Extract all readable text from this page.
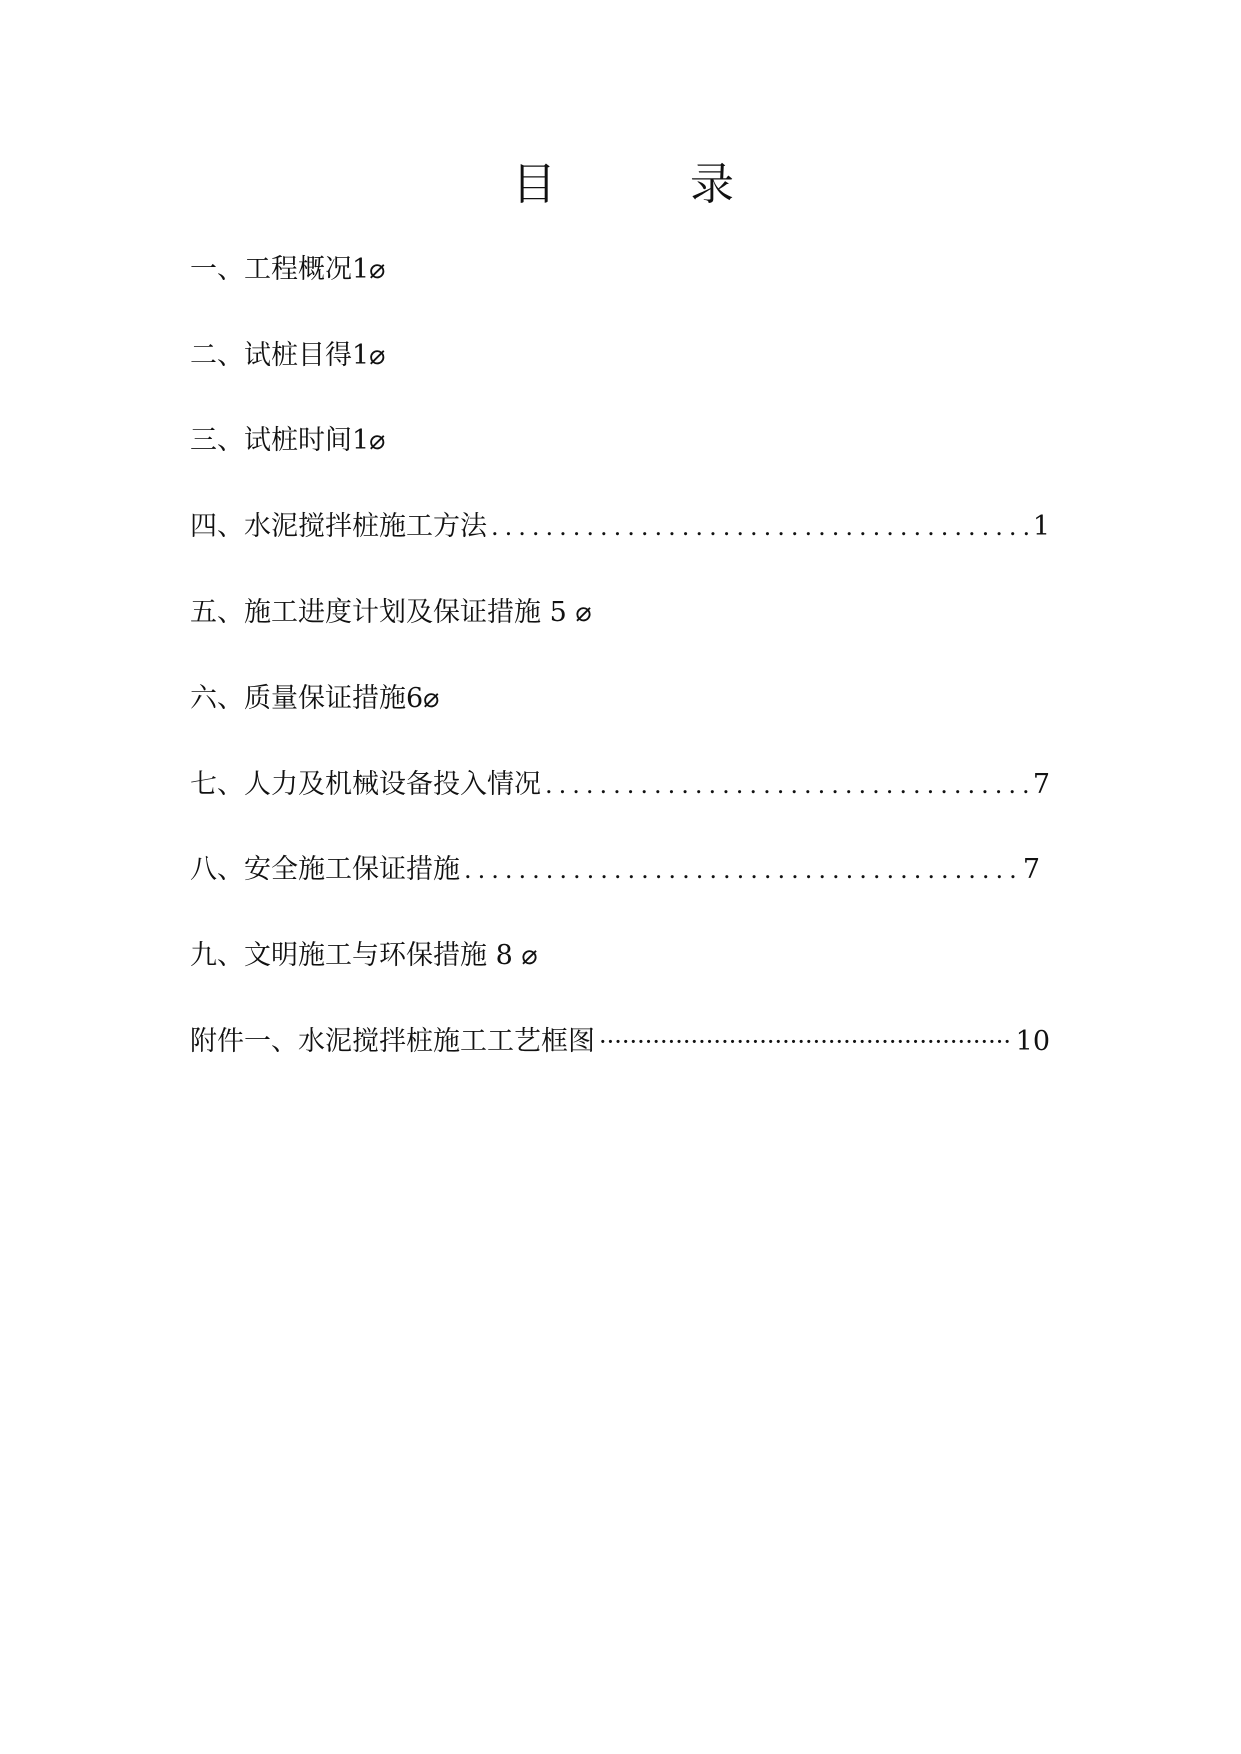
目	录
一、工程概况1⌀
二、试桩目得1⌀
三、试桩时间1⌀
四、水泥搅拌桩施工方法 .....	1
五、施工进度计划及保证措施 5 ⌀
六、质量保证措施6⌀
七、人力及机械设备投入情况 .....	7
八、安全施工保证措施 .....	7
九、文明施工与环保措施 8 ⌀
附件一、水泥搅拌桩施工工艺框图 ·····	10
